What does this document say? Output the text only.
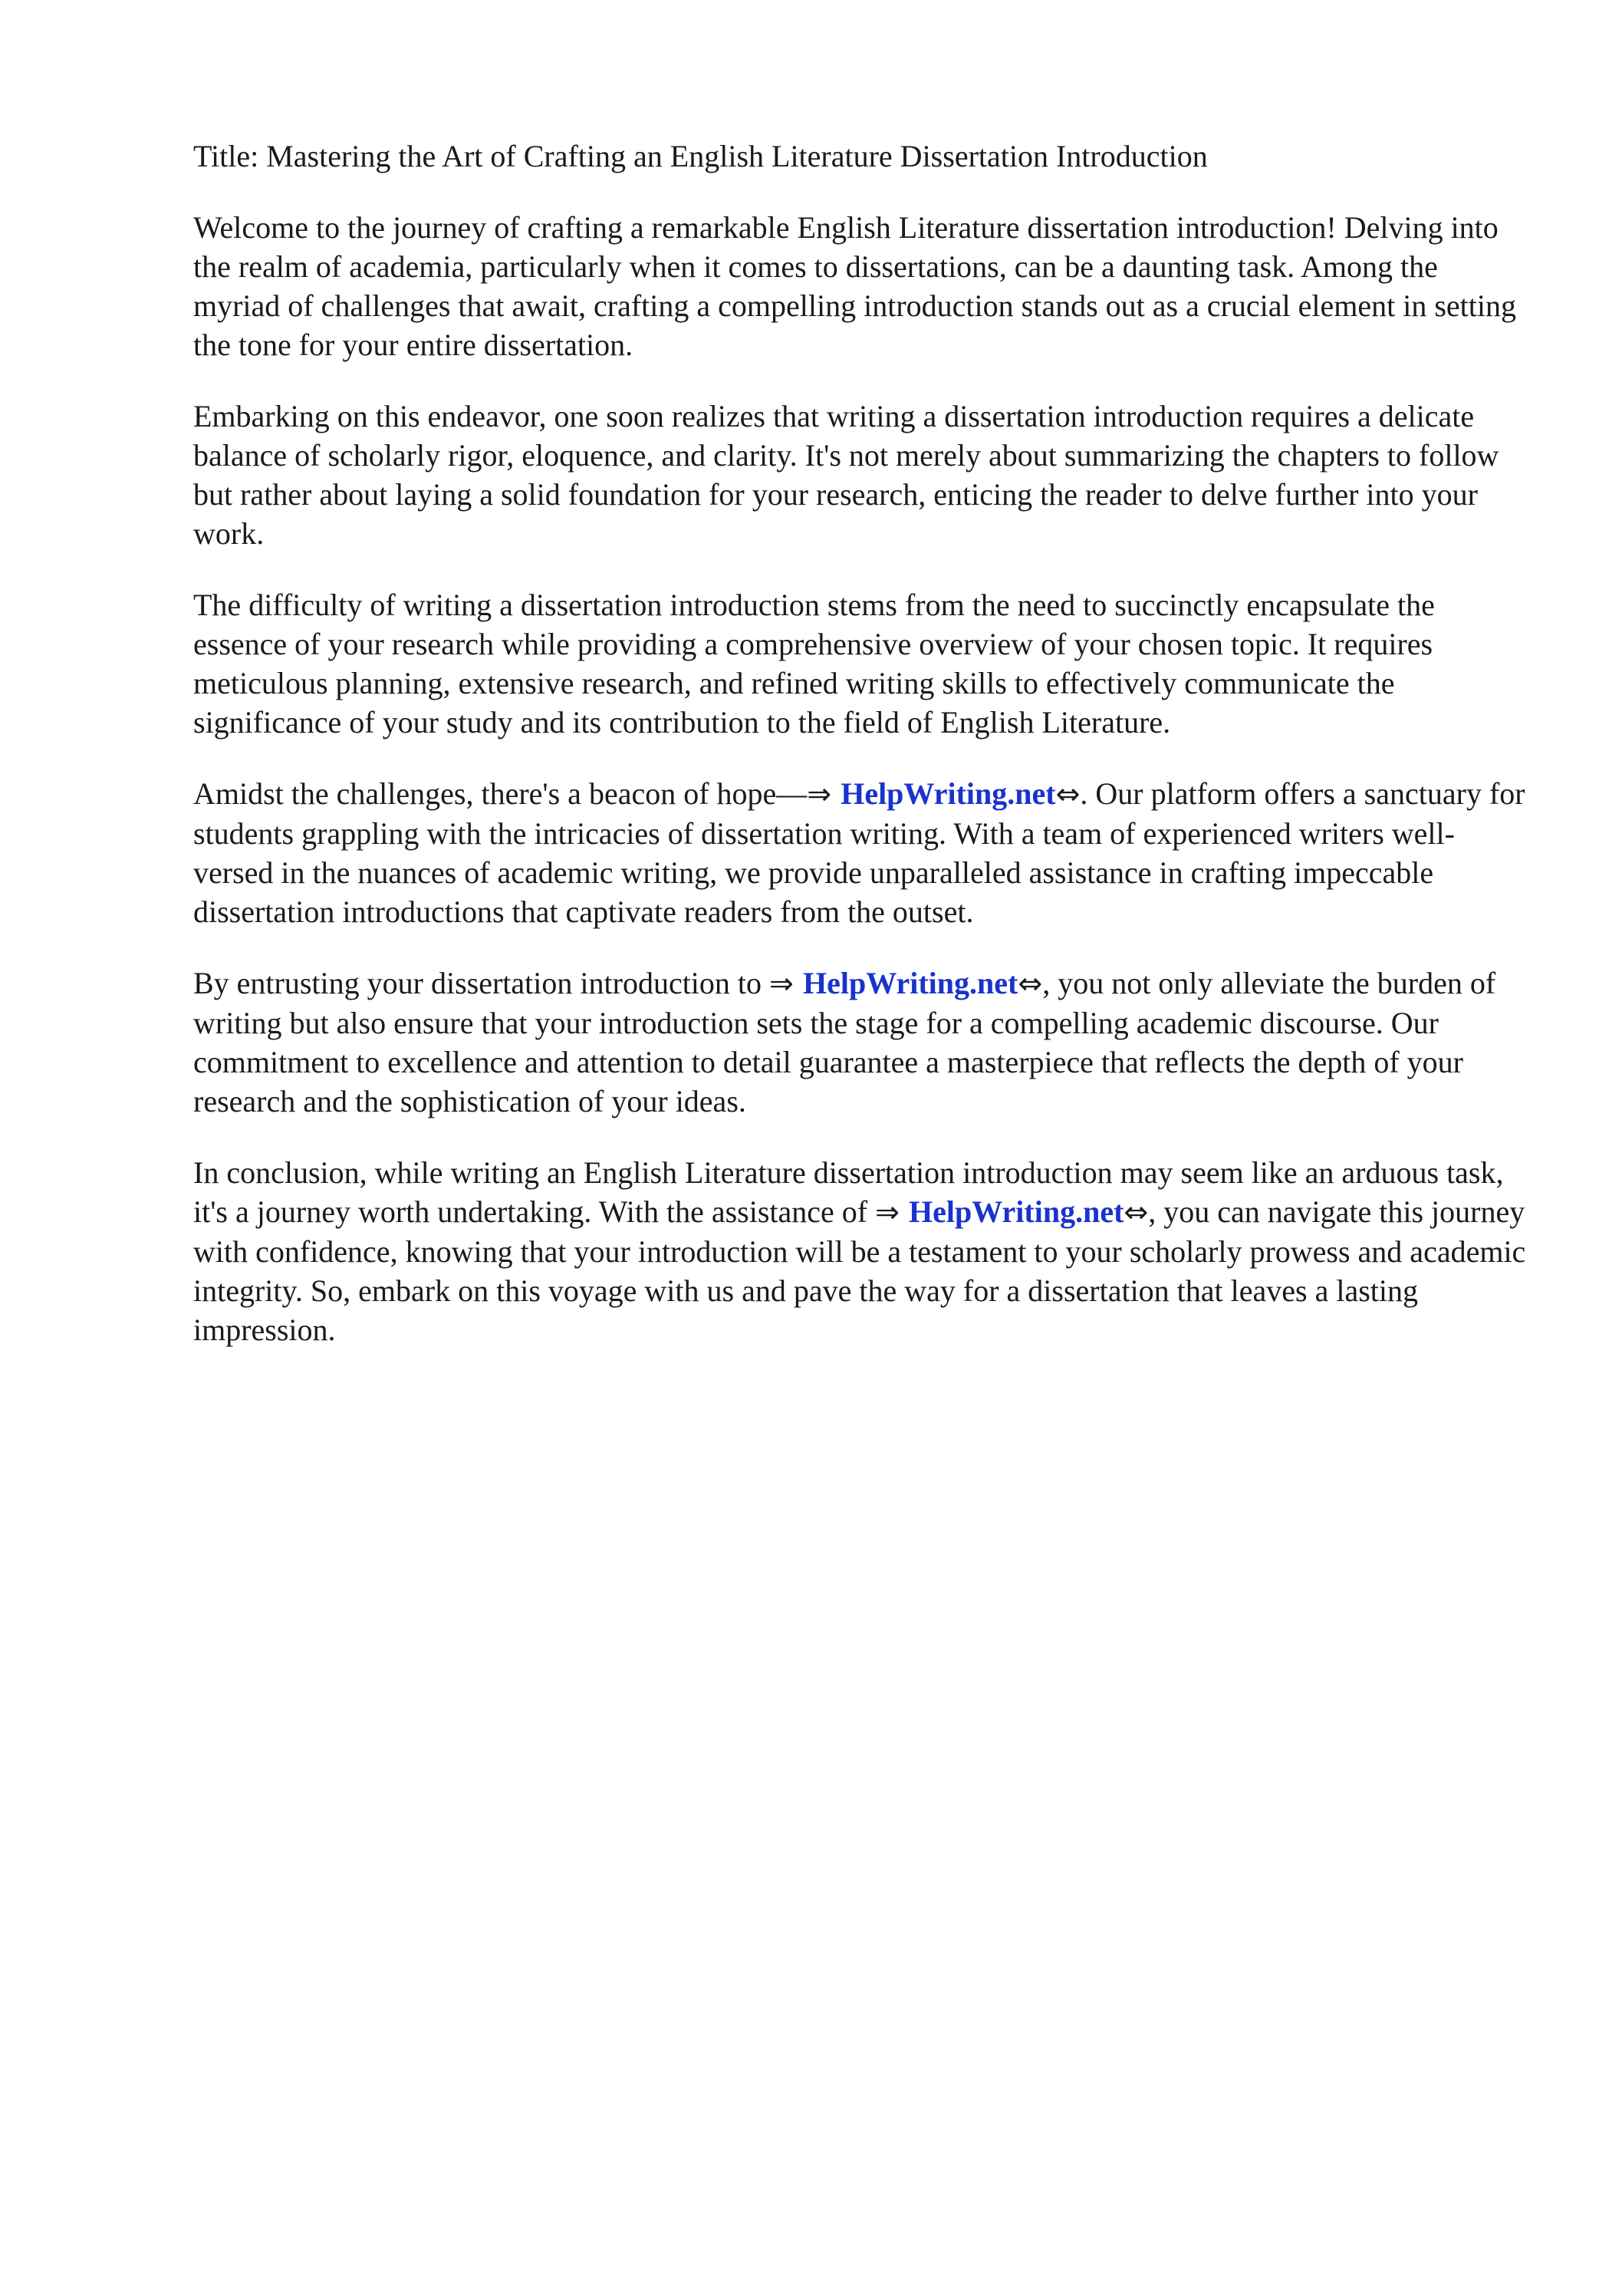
Title: Mastering the Art of Crafting an English Literature Dissertation Introduction

Welcome to the journey of crafting a remarkable English Literature dissertation introduction! Delving into the realm of academia, particularly when it comes to dissertations, can be a daunting task. Among the myriad of challenges that await, crafting a compelling introduction stands out as a crucial element in setting the tone for your entire dissertation.

Embarking on this endeavor, one soon realizes that writing a dissertation introduction requires a delicate balance of scholarly rigor, eloquence, and clarity. It's not merely about summarizing the chapters to follow but rather about laying a solid foundation for your research, enticing the reader to delve further into your work.

The difficulty of writing a dissertation introduction stems from the need to succinctly encapsulate the essence of your research while providing a comprehensive overview of your chosen topic. It requires meticulous planning, extensive research, and refined writing skills to effectively communicate the significance of your study and its contribution to the field of English Literature.

Amidst the challenges, there's a beacon of hope—⇒ HelpWriting.net⇔. Our platform offers a sanctuary for students grappling with the intricacies of dissertation writing. With a team of experienced writers well-versed in the nuances of academic writing, we provide unparalleled assistance in crafting impeccable dissertation introductions that captivate readers from the outset.

By entrusting your dissertation introduction to ⇒ HelpWriting.net⇔, you not only alleviate the burden of writing but also ensure that your introduction sets the stage for a compelling academic discourse. Our commitment to excellence and attention to detail guarantee a masterpiece that reflects the depth of your research and the sophistication of your ideas.

In conclusion, while writing an English Literature dissertation introduction may seem like an arduous task, it's a journey worth undertaking. With the assistance of ⇒ HelpWriting.net⇔, you can navigate this journey with confidence, knowing that your introduction will be a testament to your scholarly prowess and academic integrity. So, embark on this voyage with us and pave the way for a dissertation that leaves a lasting impression.
